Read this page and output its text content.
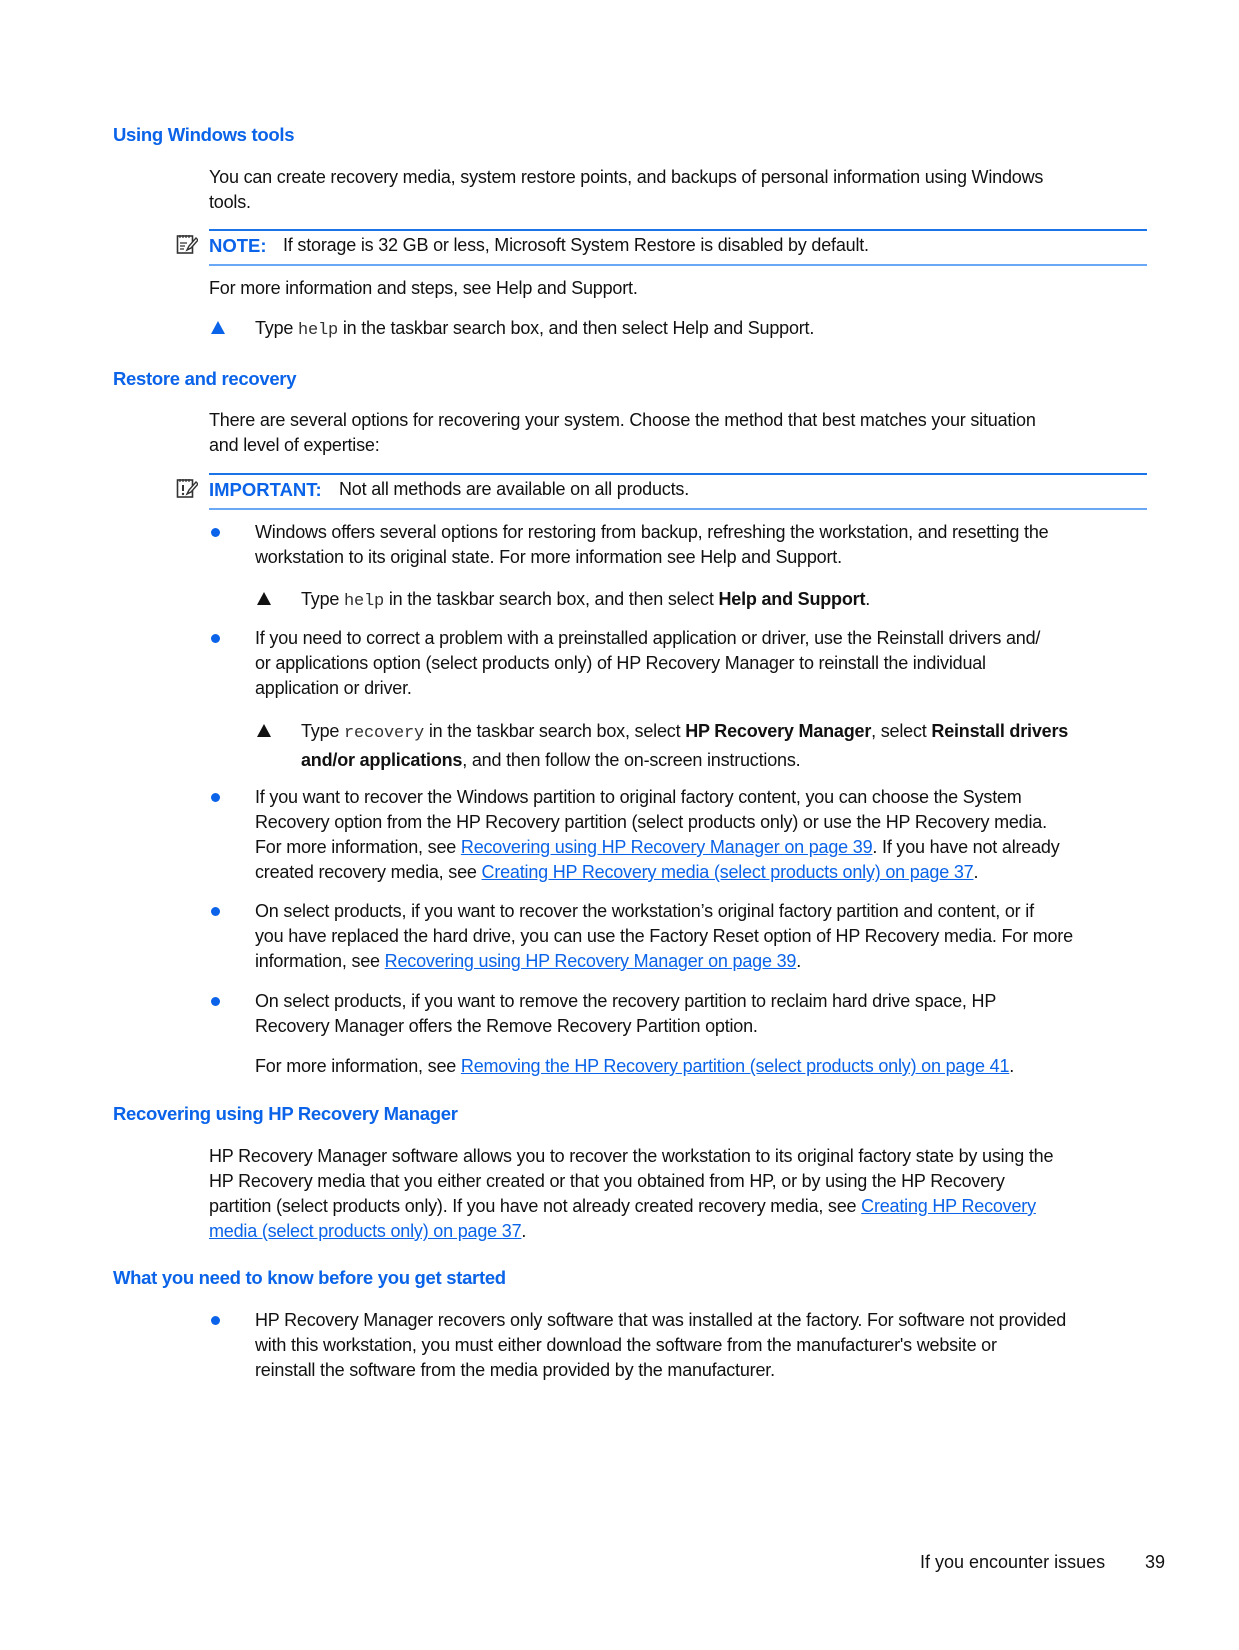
Using Windows tools
You can create recovery media, system restore points, and backups of personal information using Windows
tools.
NOTE: If storage is 32 GB or less, Microsoft System Restore is disabled by default.
For more information and steps, see Help and Support.
Type help in the taskbar search box, and then select Help and Support.
Restore and recovery
There are several options for recovering your system. Choose the method that best matches your situation
and level of expertise:
IMPORTANT: Not all methods are available on all products.
Windows offers several options for restoring from backup, refreshing the workstation, and resetting the
workstation to its original state. For more information see Help and Support.
Type help in the taskbar search box, and then select Help and Support.
If you need to correct a problem with a preinstalled application or driver, use the Reinstall drivers and/
or applications option (select products only) of HP Recovery Manager to reinstall the individual
application or driver.
Type recovery in the taskbar search box, select HP Recovery Manager, select Reinstall drivers
and/or applications, and then follow the on-screen instructions.
If you want to recover the Windows partition to original factory content, you can choose the System
Recovery option from the HP Recovery partition (select products only) or use the HP Recovery media.
For more information, see Recovering using HP Recovery Manager on page 39. If you have not already
created recovery media, see Creating HP Recovery media (select products only) on page 37.
On select products, if you want to recover the workstation’s original factory partition and content, or if
you have replaced the hard drive, you can use the Factory Reset option of HP Recovery media. For more
information, see Recovering using HP Recovery Manager on page 39.
On select products, if you want to remove the recovery partition to reclaim hard drive space, HP
Recovery Manager offers the Remove Recovery Partition option.
For more information, see Removing the HP Recovery partition (select products only) on page 41.
Recovering using HP Recovery Manager
HP Recovery Manager software allows you to recover the workstation to its original factory state by using the
HP Recovery media that you either created or that you obtained from HP, or by using the HP Recovery
partition (select products only). If you have not already created recovery media, see Creating HP Recovery
media (select products only) on page 37.
What you need to know before you get started
HP Recovery Manager recovers only software that was installed at the factory. For software not provided
with this workstation, you must either download the software from the manufacturer's website or
reinstall the software from the media provided by the manufacturer.
If you encounter issues 39
